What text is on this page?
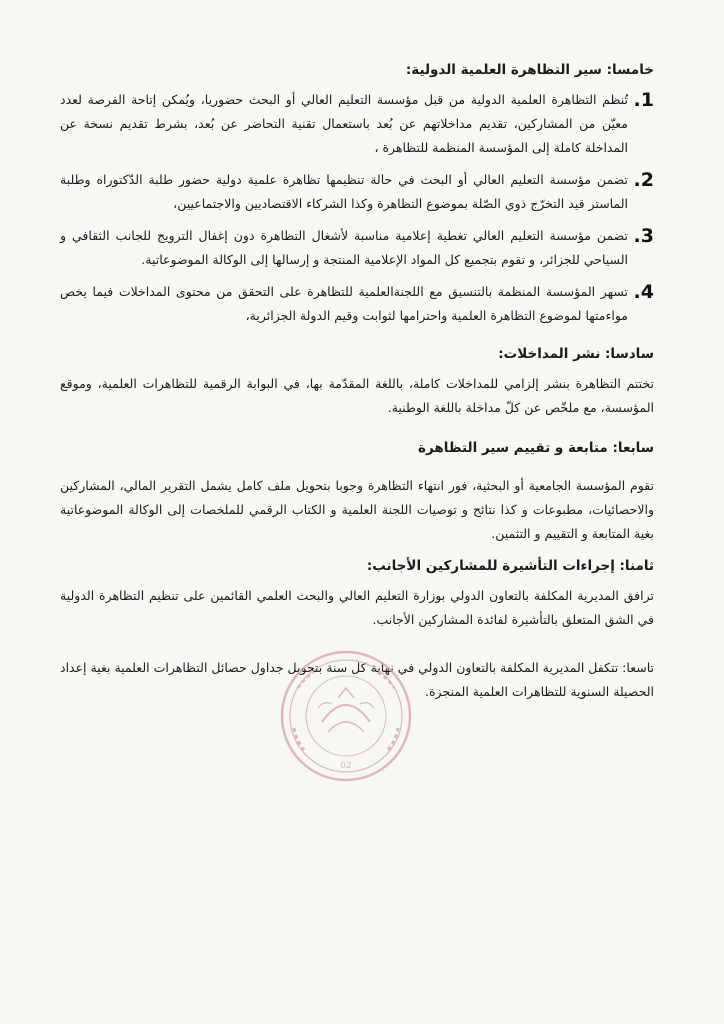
خامسا: سير التظاهرة العلمية الدولية:
1.
تُنظم التظاهرة العلمية الدولية من قبل مؤسسة التعليم العالي أو البحث حضوريا، ويُمكن إتاحة الفرصة لعدد معيّن من المشاركين، تقديم مداخلاتهم عن بُعد باستعمال تقنية التحاضر عن بُعد، بشرط تقديم نسخة عن المداخلة كاملة إلى المؤسسة المنظمة للتظاهرة ،
2.
تضمن مؤسسة التعليم العالي أو البحث في حالة تنظيمها تظاهرة علمية دولية حضور طلبة الدّكتوراه وطلبة الماستر قيد التخرّج ذوي الصّلة بموضوع التظاهرة وكذا الشركاء الاقتصاديين والاجتماعيين،
3.
تضمن مؤسسة التعليم العالي تغطية إعلامية مناسبة لأشغال التظاهرة دون إغفال الترويج للجانب الثقافي و السياحي للجزائر، و تقوم بتجميع كل المواد الإعلامية المنتجة و إرسالها إلى الوكالة الموضوعاتية.
4.
تسهر المؤسسة المنظمة بالتنسيق مع اللجنةالعلمية للتظاهرة على التحقق من محتوى المداخلات فيما يخص مواءمتها لموضوع التظاهرة العلمية واحترامها لثوابت وقيم الدولة الجزائرية،
سادسا: نشر المداخلات:
تختتم التظاهرة بنشر إلزامي للمداخلات كاملة، باللغة المقدّمة بها، في البوابة الرقمية للتظاهرات العلمية، وموقع المؤسسة، مع ملخّص عن كلّ مداخلة باللغة الوطنية.
سابعا: متابعة و تقييم سير التظاهرة
تقوم المؤسسة الجامعية أو البحثية، فور انتهاء التظاهرة وجوبا بتحويل ملف كامل يشمل التقرير المالي، المشاركين والاحصائيات، مطبوعات و كذا نتائج و توصيات اللجنة العلمية و الكتاب الرقمي للملخصات إلى الوكالة الموضوعاتية بغية المتابعة و التقييم و التثمين.
ثامنا: إجراءات التأشيرة للمشاركين الأجانب:
ترافق المديرية المكلفة بالتعاون الدولي بوزارة التعليم العالي والبحث العلمي القائمين على تنظيم التظاهرة الدولية في الشق المتعلق بالتأشيرة لفائدة المشاركين الأجانب.
تاسعا: تتكفل المديرية المكلفة بالتعاون الدولي في نهاية كل سنة بتحويل جداول حصائل التظاهرات العلمية بغية إعداد الحصيلة السنوية للتظاهرات العلمية المنجزة.
02
